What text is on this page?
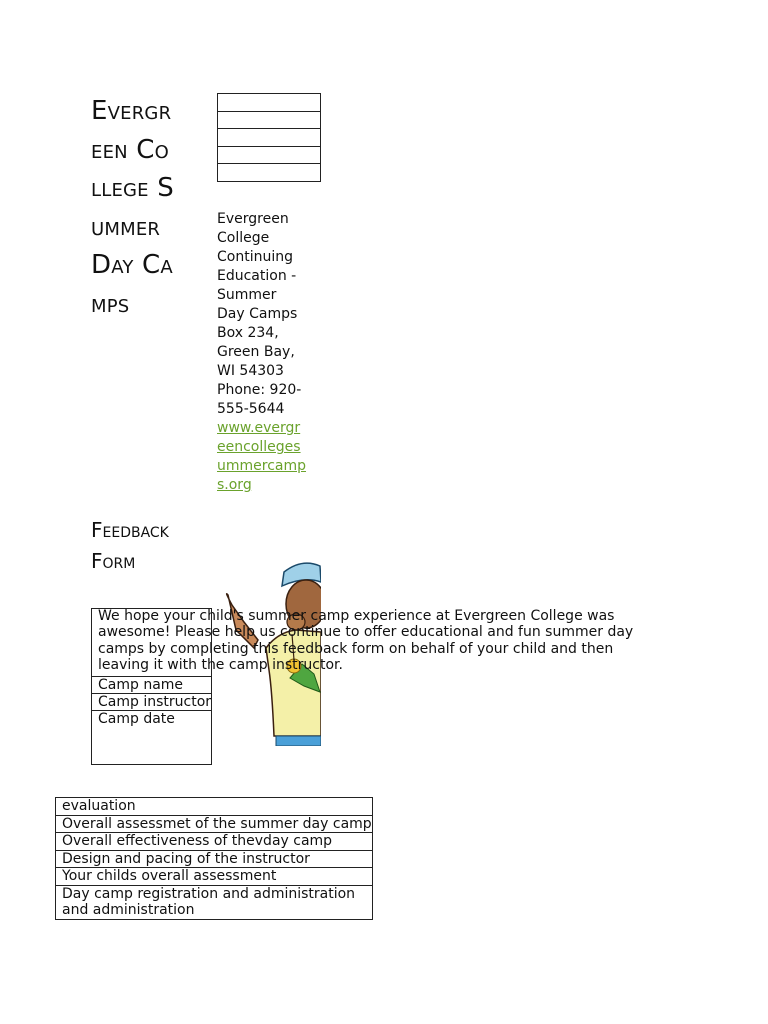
Evergreen College Summer Day Camps

Evergreen College Continuing Education - Summer Day Camps
Box 234, Green Bay, WI 54303
Phone: 920-555-5644
www.evergreencollegesummercamps.org
Feedback Form
We hope your child's summer camp experience at Evergreen College was awesome! Please help us continue to offer educational and fun summer day camps by completing this feedback form on behalf of your child and then leaving it with the camp instructor.

Camp name
Camp instructor
Camp date
evaluation
Overall assessmet of the summer day camp
Overall effectiveness of thevday camp
Design and pacing of the instructor
Your childs overall assessment

Day camp registration and administration and administration
